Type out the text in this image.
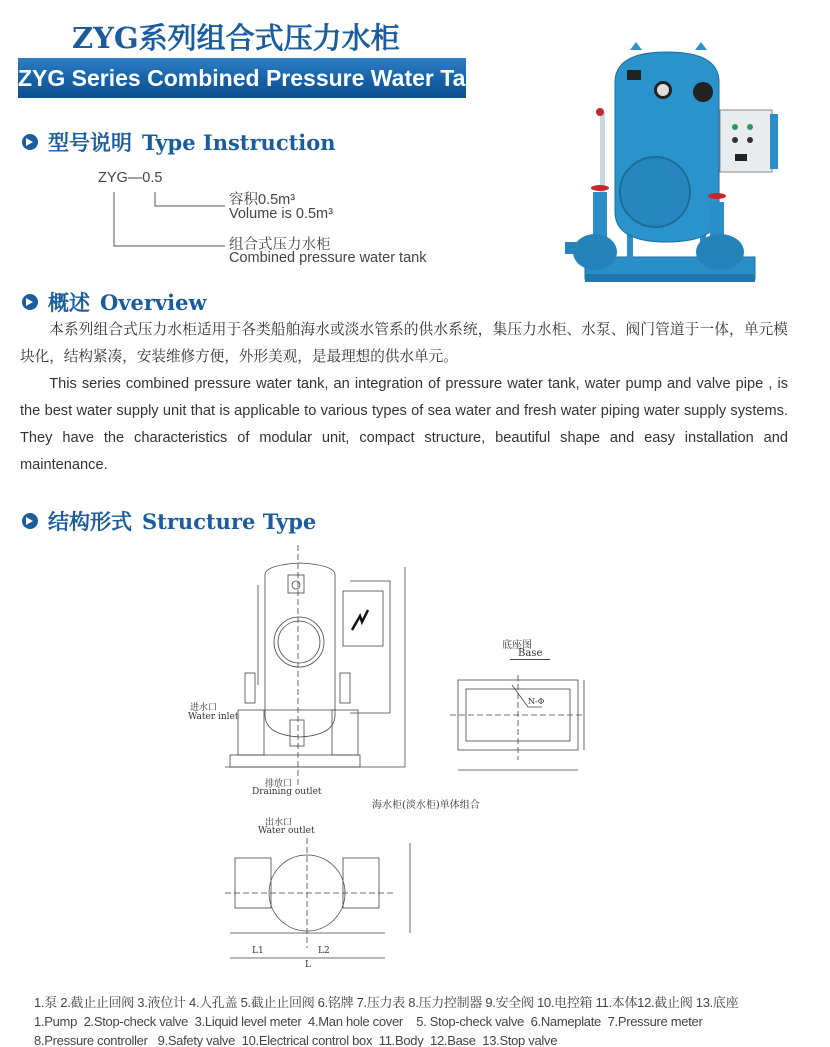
ZYG系列组合式压力水柜
ZYG Series Combined Pressure Water Tank
型号说明 Type Instruction
ZYG—0.5
容积0.5m³
Volume is 0.5m³
组合式压力水柜
Combined pressure water tank
概述 Overview

本系列组合式压力水柜适用于各类船舶海水或淡水管系的供水系统，集压力水柜、水泵、阀门管道于一体，单元模块化，结构紧凑，安装维修方便，外形美观，是最理想的供水单元。

This series combined pressure water tank, an integration of pressure water tank, water pump and valve pipe , is the best water supply unit that is applicable to various types of sea water and fresh water piping water supply systems. They have the characteristics of modular unit, compact structure, beautiful shape and easy installation and maintenance.

结构形式 Structure Type
进水口
Water inlet
排放口
Draining outlet
底座图
Base
N-Φ
海水柜(淡水柜)单体组合
出水口
Water outlet
L1	L2
L
1.泵 2.截止止回阀 3.液位计 4.人孔盖 5.截止止回阀 6.铭牌 7.压力表 8.压力控制器 9.安全阀 10.电控箱 11.本体12.截止阀 13.底座
1.Pump  2.Stop-check valve  3.Liquid level meter  4.Man hole cover    5. Stop-check valve  6.Nameplate  7.Pressure meter
8.Pressure controller   9.Safety valve  10.Electrical control box  11.Body  12.Base  13.Stop valve
